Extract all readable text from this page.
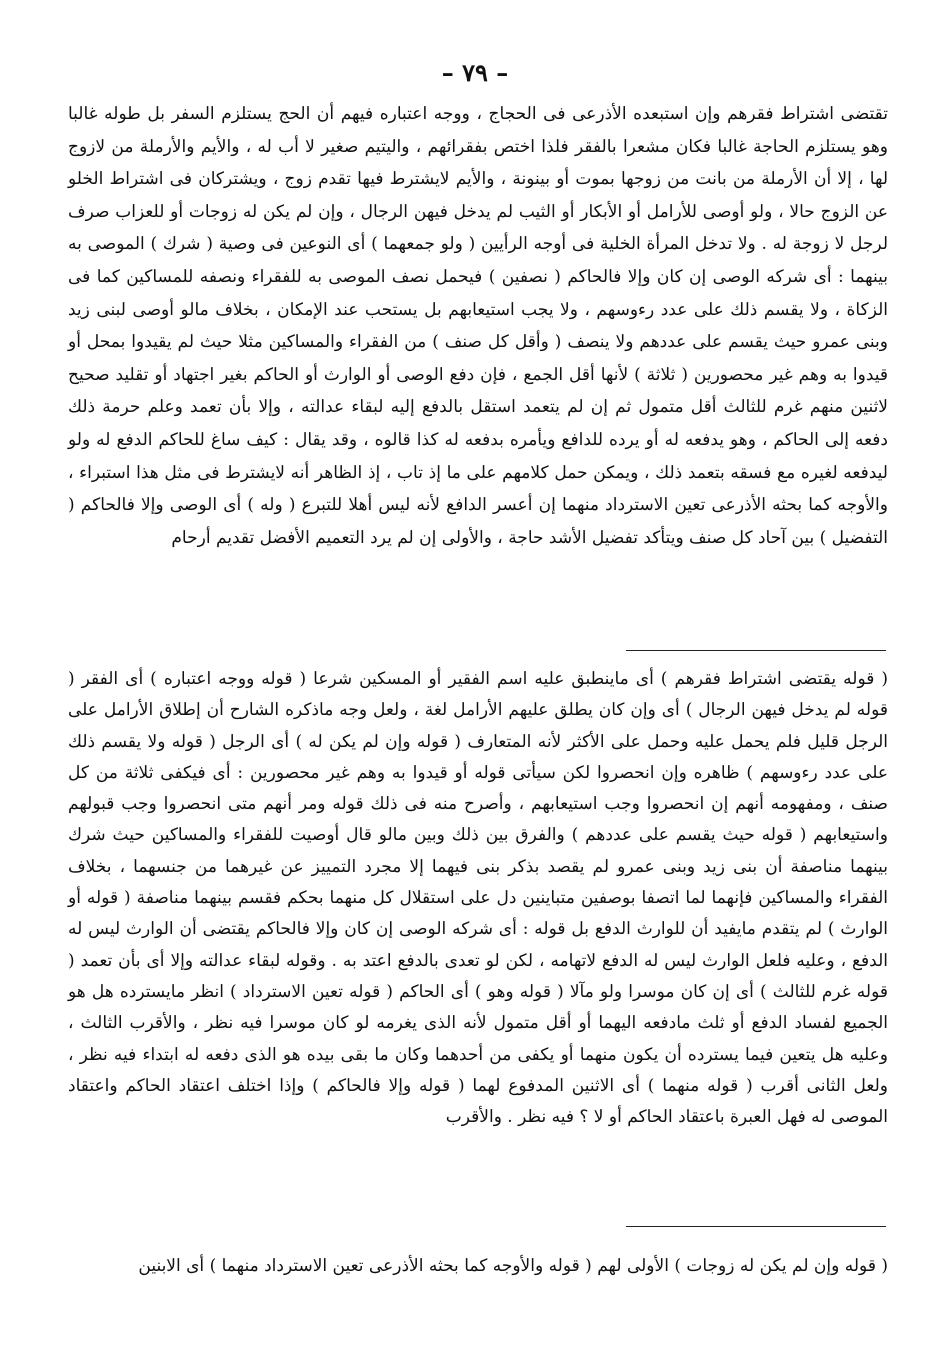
– ٧٩ –

تقتضى اشتراط فقرهم وإن استبعده الأذرعى فى الحجاج ، ووجه اعتباره فيهم أن الحج يستلزم السفر بل طوله غالبا وهو يستلزم الحاجة غالبا فكان مشعرا بالفقر فلذا اختص بفقرائهم ، واليتيم صغير لا أب له ، والأيم والأرملة من لازوج لها ، إلا أن الأرملة من بانت من زوجها بموت أو بينونة ، والأيم لايشترط فيها تقدم زوج ، ويشتركان فى اشتراط الخلو عن الزوج حالا ، ولو أوصى للأرامل أو الأبكار أو الثيب لم يدخل فيهن الرجال ، وإن لم يكن له زوجات أو للعزاب صرف لرجل لا زوجة له . ولا تدخل المرأة الخلية فى أوجه الرأيين ( ولو جمعهما ) أى النوعين فى وصية ( شرك ) الموصى به بينهما : أى شركه الوصى إن كان وإلا فالحاكم ( نصفين ) فيحمل نصف الموصى به للفقراء ونصفه للمساكين كما فى الزكاة ، ولا يقسم ذلك على عدد رءوسهم ، ولا يجب استيعابهم بل يستحب عند الإمكان ، بخلاف مالو أوصى لبنى زيد وبنى عمرو حيث يقسم على عددهم ولا ينصف ( وأقل كل صنف ) من الفقراء والمساكين مثلا حيث لم يقيدوا بمحل أو قيدوا به وهم غير محصورين ( ثلاثة ) لأنها أقل الجمع ، فإن دفع الوصى أو الوارث أو الحاكم بغير اجتهاد أو تقليد صحيح لاثنين منهم غرم للثالث أقل متمول ثم إن لم يتعمد استقل بالدفع إليه لبقاء عدالته ، وإلا بأن تعمد وعلم حرمة ذلك دفعه إلى الحاكم ، وهو يدفعه له أو يرده للدافع ويأمره بدفعه له كذا قالوه ، وقد يقال : كيف ساغ للحاكم الدفع له ولو ليدفعه لغيره مع فسقه بتعمد ذلك ، ويمكن حمل كلامهم على ما إذ تاب ، إذ الظاهر أنه لايشترط فى مثل هذا استبراء ، والأوجه كما بحثه الأذرعى تعين الاسترداد منهما إن أعسر الدافع لأنه ليس أهلا للتبرع ( وله ) أى الوصى وإلا فالحاكم ( التفضيل ) بين آحاد كل صنف ويتأكد تفضيل الأشد حاجة ، والأولى إن لم يرد التعميم الأفضل تقديم أرحام

( قوله يقتضى اشتراط فقرهم ) أى ماينطبق عليه اسم الفقير أو المسكين شرعا ( قوله ووجه اعتباره ) أى الفقر ( قوله لم يدخل فيهن الرجال ) أى وإن كان يطلق عليهم الأرامل لغة ، ولعل وجه ماذكره الشارح أن إطلاق الأرامل على الرجل قليل فلم يحمل عليه وحمل على الأكثر لأنه المتعارف ( قوله وإن لم يكن له ) أى الرجل ( قوله ولا يقسم ذلك على عدد رءوسهم ) ظاهره وإن انحصروا لكن سيأتى قوله أو قيدوا به وهم غير محصورين : أى فيكفى ثلاثة من كل صنف ، ومفهومه أنهم إن انحصروا وجب استيعابهم ، وأصرح منه فى ذلك قوله ومر أنهم متى انحصروا وجب قبولهم واستيعابهم ( قوله حيث يقسم على عددهم ) والفرق بين ذلك وبين مالو قال أوصيت للفقراء والمساكين حيث شرك بينهما مناصفة أن بنى زيد وبنى عمرو لم يقصد بذكر بنى فيهما إلا مجرد التمييز عن غيرهما من جنسهما ، بخلاف الفقراء والمساكين فإنهما لما اتصفا بوصفين متباينين دل على استقلال كل منهما بحكم فقسم بينهما مناصفة ( قوله أو الوارث ) لم يتقدم مايفيد أن للوارث الدفع بل قوله : أى شركه الوصى إن كان وإلا فالحاكم يقتضى أن الوارث ليس له الدفع ، وعليه فلعل الوارث ليس له الدفع لاتهامه ، لكن لو تعدى بالدفع اعتد به . وقوله لبقاء عدالته وإلا أى بأن تعمد ( قوله غرم للثالث ) أى إن كان موسرا ولو مآلا ( قوله وهو ) أى الحاكم ( قوله تعين الاسترداد ) انظر مايسترده هل هو الجميع لفساد الدفع أو ثلث مادفعه اليهما أو أقل متمول لأنه الذى يغرمه لو كان موسرا فيه نظر ، والأقرب الثالث ، وعليه هل يتعين فيما يسترده أن يكون منهما أو يكفى من أحدهما وكان ما بقى بيده هو الذى دفعه له ابتداء فيه نظر ، ولعل الثانى أقرب ( قوله منهما ) أى الاثنين المدفوع لهما ( قوله وإلا فالحاكم ) وإذا اختلف اعتقاد الحاكم واعتقاد الموصى له فهل العبرة باعتقاد الحاكم أو لا ؟ فيه نظر . والأقرب

( قوله وإن لم يكن له زوجات ) الأولى لهم ( قوله والأوجه كما بحثه الأذرعى تعين الاسترداد منهما ) أى الابنين
